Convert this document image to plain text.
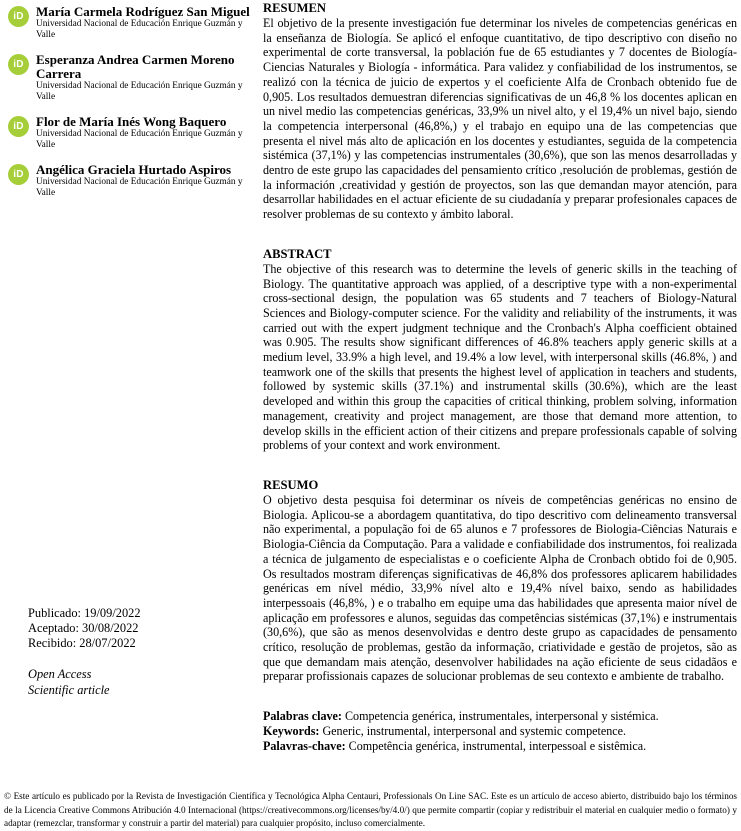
iD María Carmela Rodríguez San Miguel
Universidad Nacional de Educación Enrique Guzmán y Valle
iD Esperanza Andrea Carmen Moreno Carrera
Universidad Nacional de Educación Enrique Guzmán y Valle
iD Flor de María Inés Wong Baquero
Universidad Nacional de Educación Enrique Guzmán y Valle
iD Angélica Graciela Hurtado Aspiros
Universidad Nacional de Educación Enrique Guzmán y Valle
Publicado: 19/09/2022
Aceptado: 30/08/2022
Recibido: 28/07/2022
Open Access
Scientific article
RESUMEN
El objetivo de la presente investigación fue determinar los niveles de competencias genéricas en la enseñanza de Biología. Se aplicó el enfoque cuantitativo, de tipo descriptivo con diseño no experimental de corte transversal, la población fue de 65 estudiantes y 7 docentes de Biología-Ciencias Naturales y Biología - informática. Para validez y confiabilidad de los instrumentos, se realizó con la técnica de juicio de expertos y el coeficiente Alfa de Cronbach obtenido fue de 0,905. Los resultados demuestran diferencias significativas de un 46,8 % los docentes aplican en un nivel medio las competencias genéricas, 33,9% un nivel alto, y el 19,4% un nivel bajo, siendo la competencia interpersonal (46,8%,) y el trabajo en equipo una de las competencias que presenta el nivel más alto de aplicación en los docentes y estudiantes, seguida de la competencia sistémica (37,1%) y las competencias instrumentales (30,6%), que son las menos desarrolladas y dentro de este grupo las capacidades del pensamiento crítico ,resolución de problemas, gestión de la información ,creatividad y gestión de proyectos, son las que demandan mayor atención, para desarrollar habilidades en el actuar eficiente de su ciudadanía y preparar profesionales capaces de resolver problemas de su contexto y ámbito laboral.
ABSTRACT
The objective of this research was to determine the levels of generic skills in the teaching of Biology. The quantitative approach was applied, of a descriptive type with a non-experimental cross-sectional design, the population was 65 students and 7 teachers of Biology-Natural Sciences and Biology-computer science. For the validity and reliability of the instruments, it was carried out with the expert judgment technique and the Cronbach's Alpha coefficient obtained was 0.905. The results show significant differences of 46.8% teachers apply generic skills at a medium level, 33.9% a high level, and 19.4% a low level, with interpersonal skills (46.8%, ) and teamwork one of the skills that presents the highest level of application in teachers and students, followed by systemic skills (37.1%) and instrumental skills (30.6%), which are the least developed and within this group the capacities of critical thinking, problem solving, information management, creativity and project management, are those that demand more attention, to develop skills in the efficient action of their citizens and prepare professionals capable of solving problems of your context and work environment.
RESUMO
O objetivo desta pesquisa foi determinar os níveis de competências genéricas no ensino de Biologia. Aplicou-se a abordagem quantitativa, do tipo descritivo com delineamento transversal não experimental, a população foi de 65 alunos e 7 professores de Biologia-Ciências Naturais e Biologia-Ciência da Computação. Para a validade e confiabilidade dos instrumentos, foi realizada a técnica de julgamento de especialistas e o coeficiente Alpha de Cronbach obtido foi de 0,905. Os resultados mostram diferenças significativas de 46,8% dos professores aplicarem habilidades genéricas em nível médio, 33,9% nível alto e 19,4% nível baixo, sendo as habilidades interpessoais (46,8%, ) e o trabalho em equipe uma das habilidades que apresenta maior nível de aplicação em professores e alunos, seguidas das competências sistémicas (37,1%) e instrumentais (30,6%), que são as menos desenvolvidas e dentro deste grupo as capacidades de pensamento crítico, resolução de problemas, gestão da informação, criatividade e gestão de projetos, são as que que demandam mais atenção, desenvolver habilidades na ação eficiente de seus cidadãos e preparar profissionais capazes de solucionar problemas de seu contexto e ambiente de trabalho.
Palabras clave: Competencia genérica, instrumentales, interpersonal y sistémica.
Keywords: Generic, instrumental, interpersonal and systemic competence.
Palavras-chave: Competência genérica, instrumental, interpessoal e sistêmica.
© Este artículo es publicado por la Revista de Investigación Científica y Tecnológica Alpha Centauri, Professionals On Line SAC. Este es un artículo de acceso abierto, distribuido bajo los términos de la Licencia Creative Commons Atribución 4.0 Internacional (https://creativecommons.org/licenses/by/4.0/) que permite compartir (copiar y redistribuir el material en cualquier medio o formato) y adaptar (remezclar, transformar y construir a partir del material) para cualquier propósito, incluso comercialmente.
